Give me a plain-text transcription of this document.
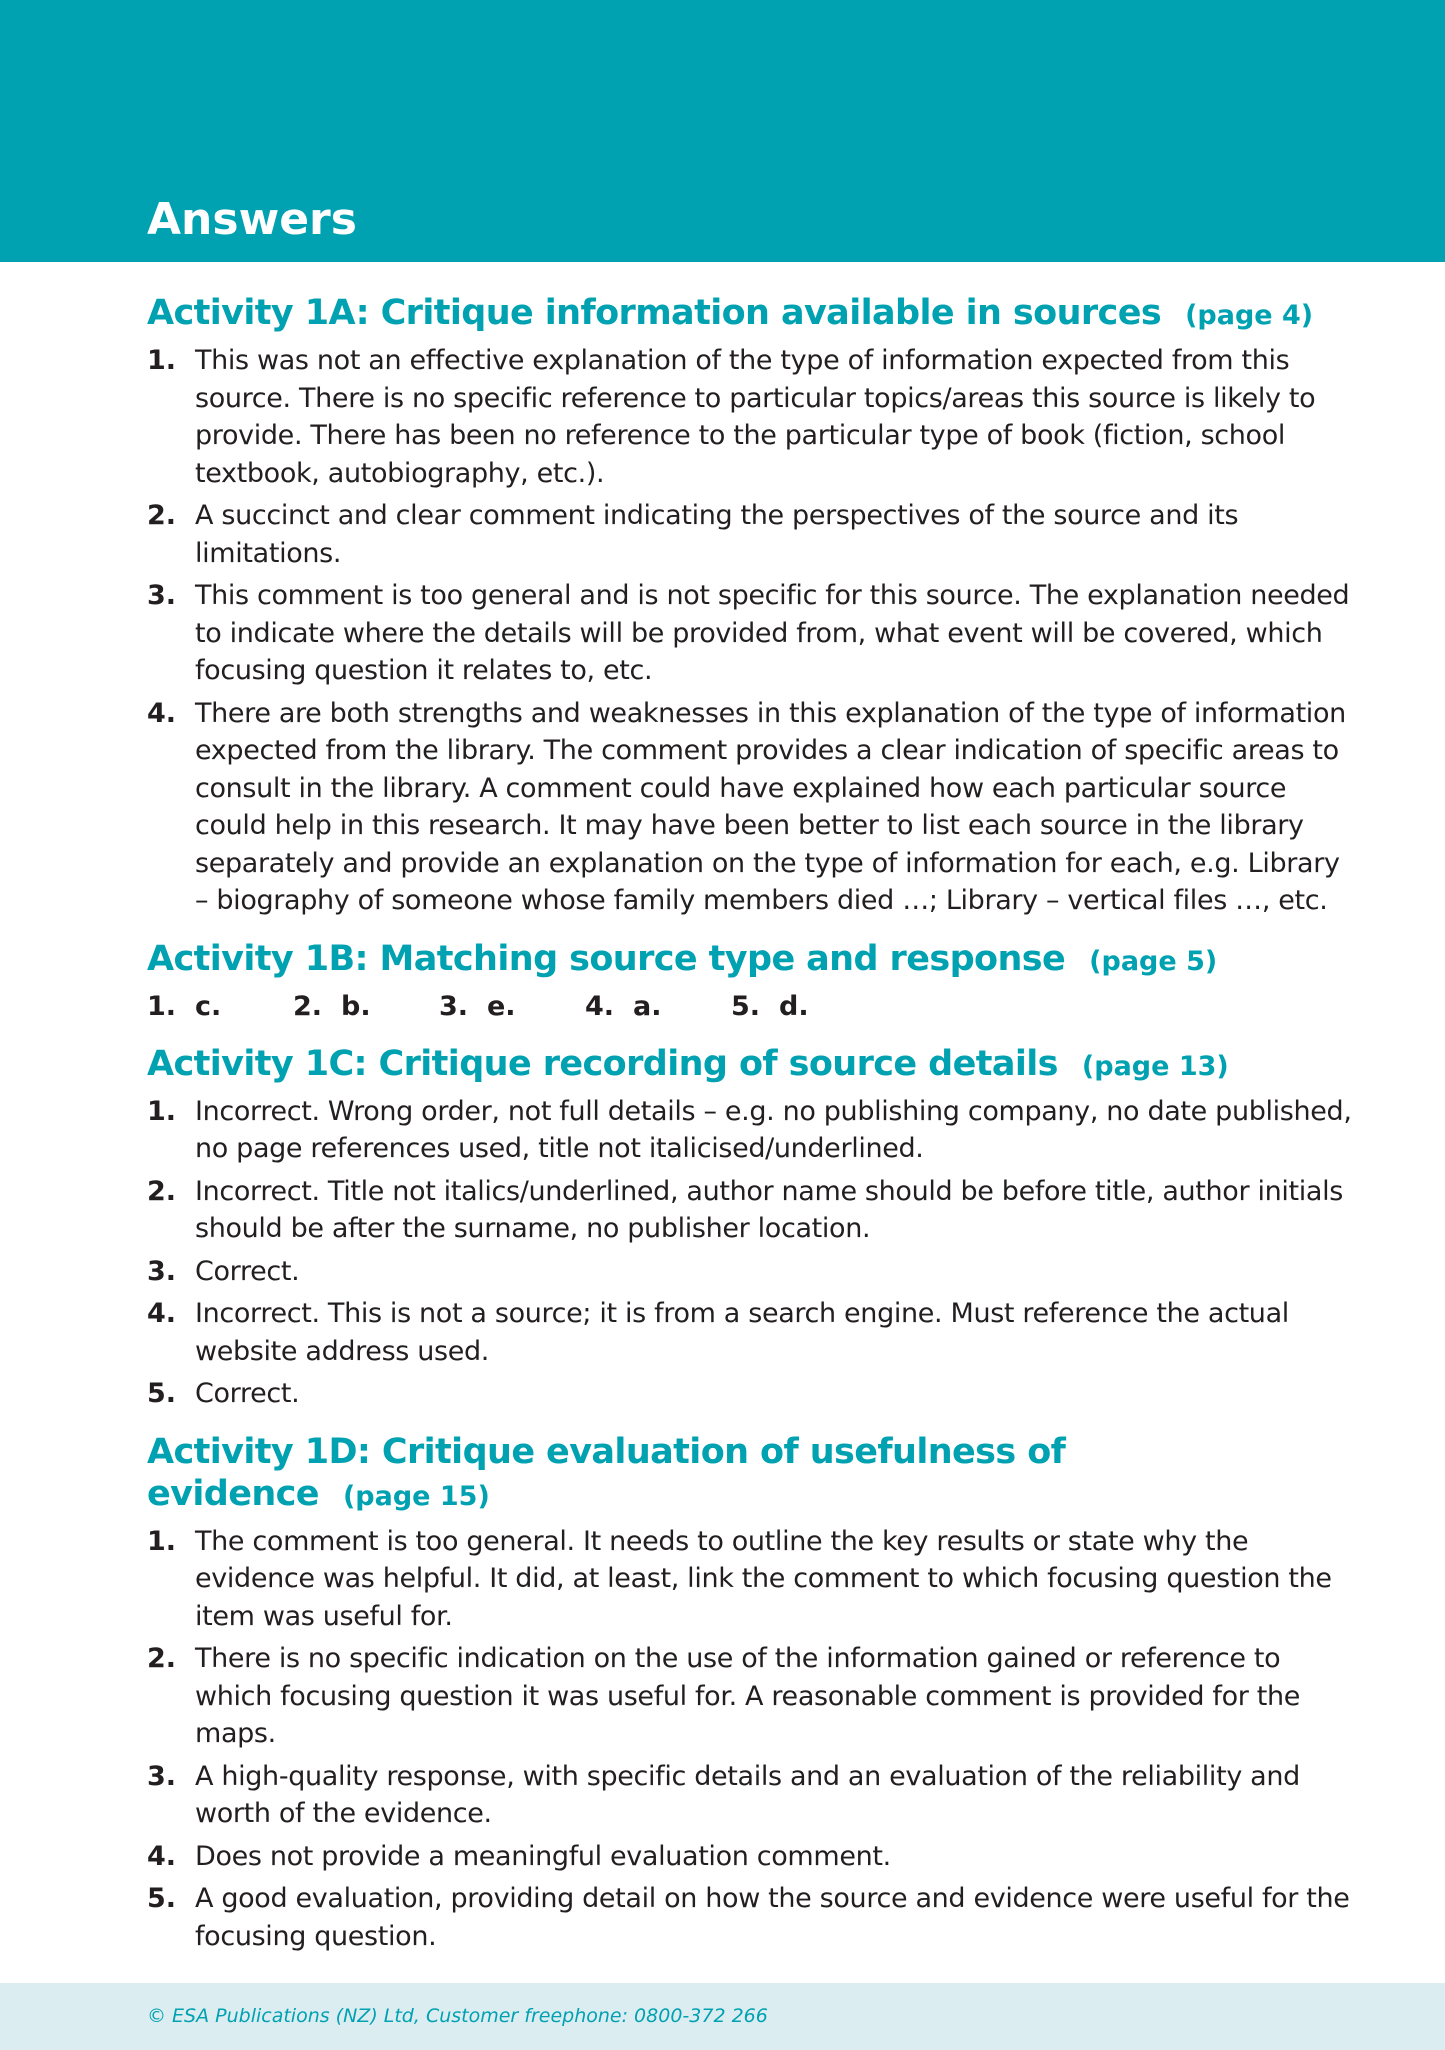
Answers
Activity 1A: Critique information available in sources (page 4)
1. This was not an effective explanation of the type of information expected from this source. There is no specific reference to particular topics/areas this source is likely to provide. There has been no reference to the particular type of book (fiction, school textbook, autobiography, etc.).
2. A succinct and clear comment indicating the perspectives of the source and its limitations.
3. This comment is too general and is not specific for this source. The explanation needed to indicate where the details will be provided from, what event will be covered, which focusing question it relates to, etc.
4. There are both strengths and weaknesses in this explanation of the type of information expected from the library. The comment provides a clear indication of specific areas to consult in the library. A comment could have explained how each particular source could help in this research. It may have been better to list each source in the library separately and provide an explanation on the type of information for each, e.g. Library – biography of someone whose family members died …; Library – vertical files …, etc.
Activity 1B: Matching source type and response (page 5)
1. c.	2. b.	3. e.	4. a.	5. d.
Activity 1C: Critique recording of source details (page 13)
1. Incorrect. Wrong order, not full details – e.g. no publishing company, no date published, no page references used, title not italicised/underlined.
2. Incorrect. Title not italics/underlined, author name should be before title, author initials should be after the surname, no publisher location.
3. Correct.
4. Incorrect. This is not a source; it is from a search engine. Must reference the actual website address used.
5. Correct.
Activity 1D: Critique evaluation of usefulness of evidence (page 15)
1. The comment is too general. It needs to outline the key results or state why the evidence was helpful. It did, at least, link the comment to which focusing question the item was useful for.
2. There is no specific indication on the use of the information gained or reference to which focusing question it was useful for. A reasonable comment is provided for the maps.
3. A high-quality response, with specific details and an evaluation of the reliability and worth of the evidence.
4. Does not provide a meaningful evaluation comment.
5. A good evaluation, providing detail on how the source and evidence were useful for the focusing question.
© ESA Publications (NZ) Ltd, Customer freephone: 0800-372 266
